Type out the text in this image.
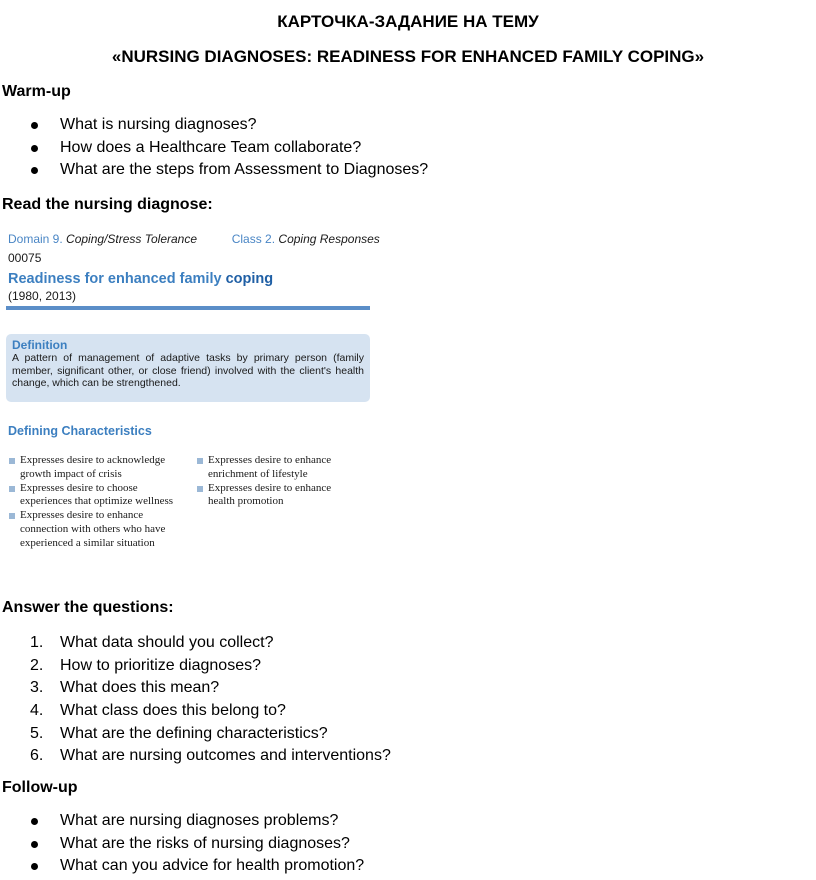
КАРТОЧКА-ЗАДАНИЕ НА ТЕМУ
«NURSING DIAGNOSES: READINESS FOR ENHANCED FAMILY COPING»
Warm-up
What is nursing diagnoses?
How does a Healthcare Team collaborate?
What are the steps from Assessment to Diagnoses?
Read the nursing diagnose:
Domain 9. Coping/Stress Tolerance	Class 2. Coping Responses
00075
Readiness for enhanced family coping
(1980, 2013)
Definition
A pattern of management of adaptive tasks by primary person (family member, significant other, or close friend) involved with the client's health change, which can be strengthened.
Defining Characteristics
Expresses desire to acknowledge growth impact of crisis
Expresses desire to choose experiences that optimize wellness
Expresses desire to enhance connection with others who have experienced a similar situation
Expresses desire to enhance enrichment of lifestyle
Expresses desire to enhance health promotion
Answer the questions:
1.	What data should you collect?
2.	How to prioritize diagnoses?
3.	What does this mean?
4.	What class does this belong to?
5.	What are the defining characteristics?
6.	What are nursing outcomes and interventions?
Follow-up
What are nursing diagnoses problems?
What are the risks of nursing diagnoses?
What can you advice for health promotion?
